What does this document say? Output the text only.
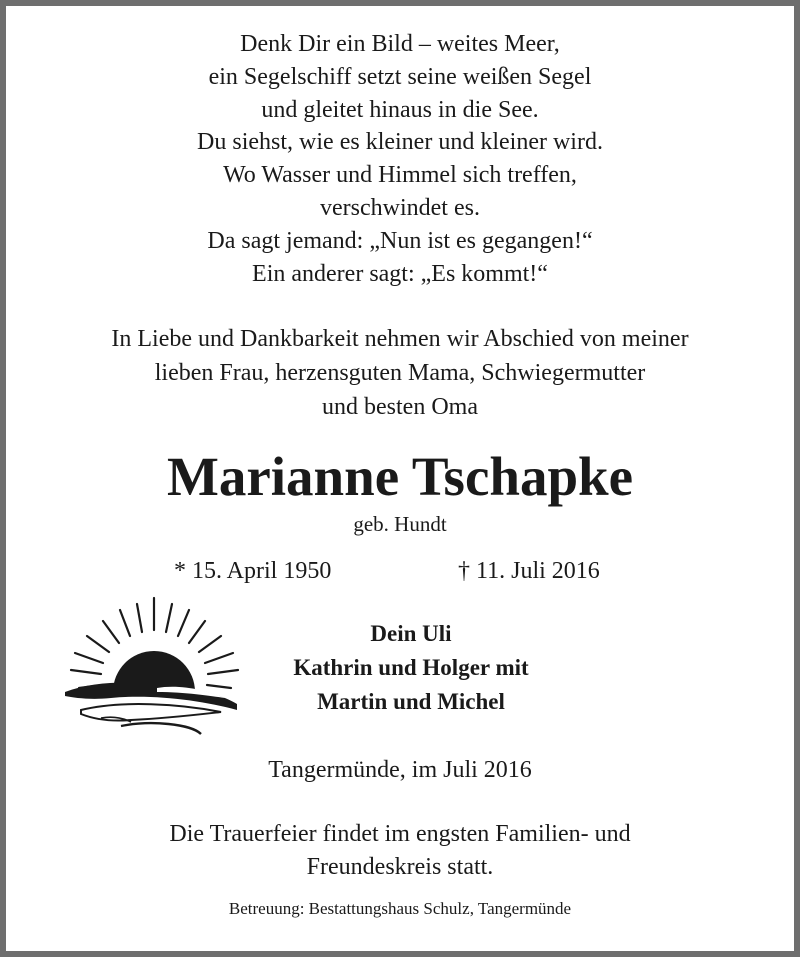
Denk Dir ein Bild – weites Meer,
ein Segelschiff setzt seine weißen Segel
und gleitet hinaus in die See.
Du siehst, wie es kleiner und kleiner wird.
Wo Wasser und Himmel sich treffen,
verschwindet es.
Da sagt jemand: „Nun ist es gegangen!“
Ein anderer sagt: „Es kommt!“
In Liebe und Dankbarkeit nehmen wir Abschied von meiner
lieben Frau, herzensguten Mama, Schwiegermutter
und besten Oma
Marianne Tschapke
geb. Hundt
* 15. April 1950	† 11. Juli 2016
Dein Uli
Kathrin und Holger mit
Martin und Michel
Tangermünde, im Juli 2016
Die Trauerfeier findet im engsten Familien- und
Freundeskreis statt.
Betreuung: Bestattungshaus Schulz, Tangermünde
